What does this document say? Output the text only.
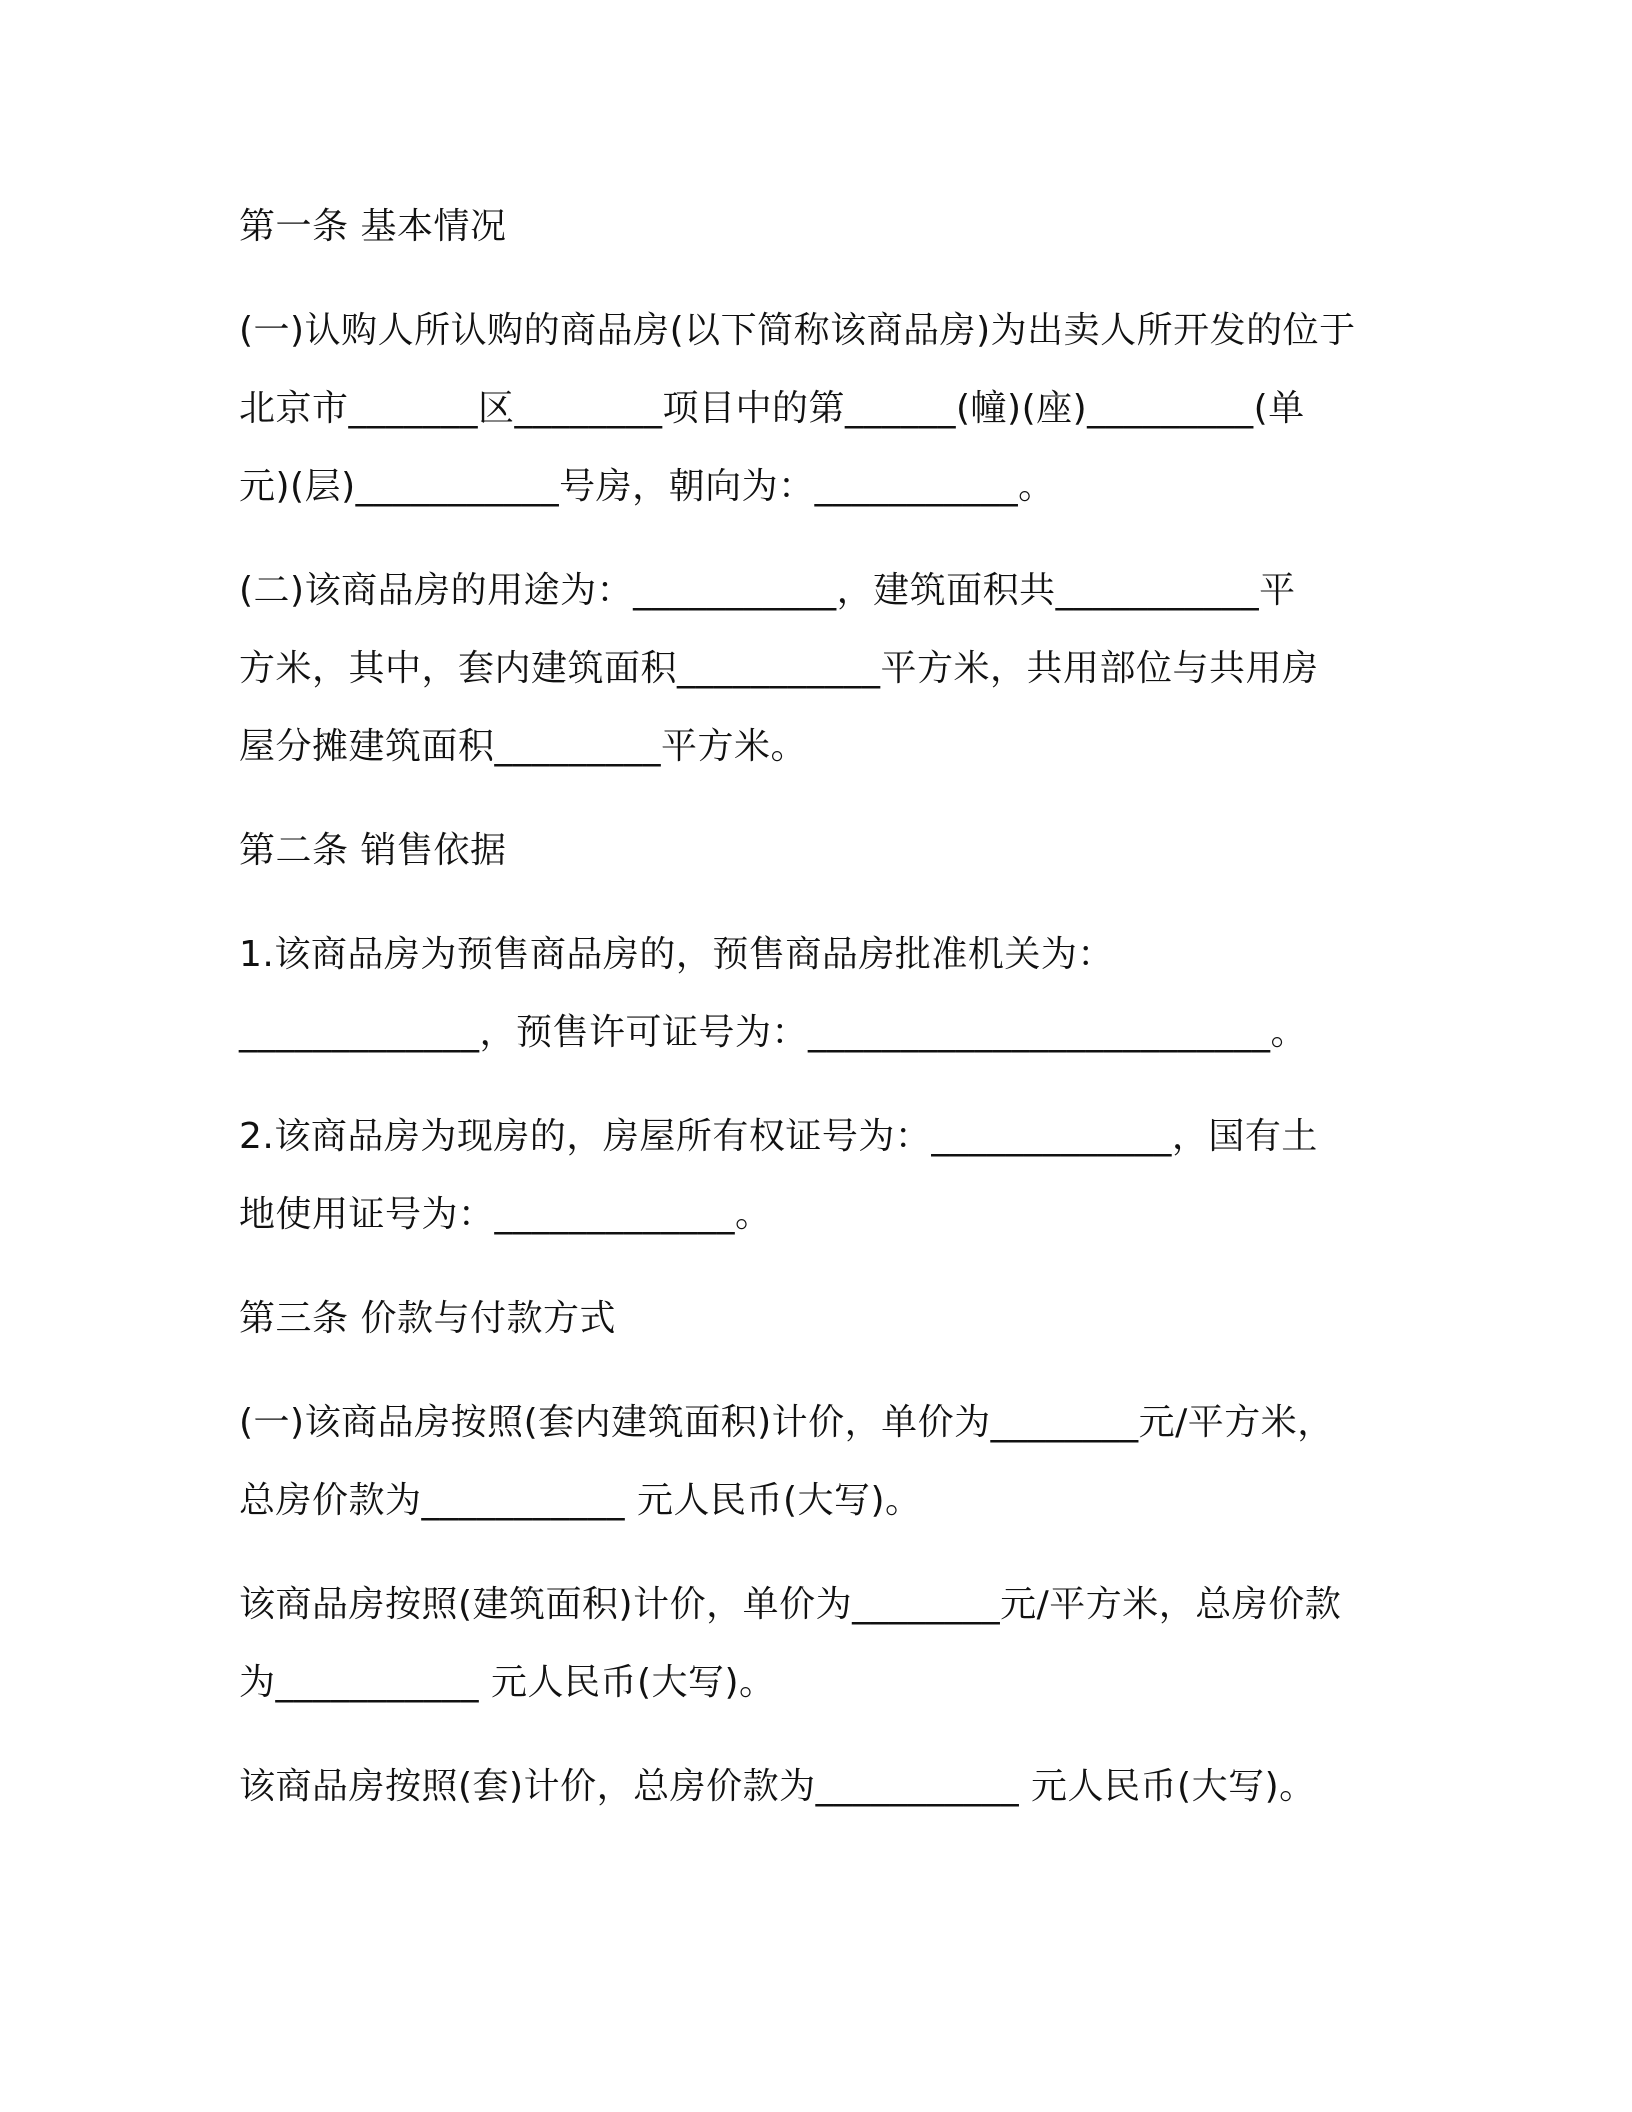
第一条 基本情况
(一)认购人所认购的商品房(以下简称该商品房)为出卖人所开发的位于
北京市_______区________项目中的第______(幢)(座)_________(单
元)(层)___________号房，朝向为：___________。
(二)该商品房的用途为：___________，建筑面积共___________平
方米，其中，套内建筑面积___________平方米，共用部位与共用房
屋分摊建筑面积_________平方米。
第二条 销售依据
1.该商品房为预售商品房的，预售商品房批准机关为：
_____________，预售许可证号为：_________________________。
2.该商品房为现房的，房屋所有权证号为：_____________，国有土
地使用证号为：_____________。
第三条 价款与付款方式
(一)该商品房按照(套内建筑面积)计价，单价为________元/平方米，
总房价款为___________ 元人民币(大写)。
该商品房按照(建筑面积)计价，单价为________元/平方米，总房价款
为___________ 元人民币(大写)。
该商品房按照(套)计价，总房价款为___________ 元人民币(大写)。
